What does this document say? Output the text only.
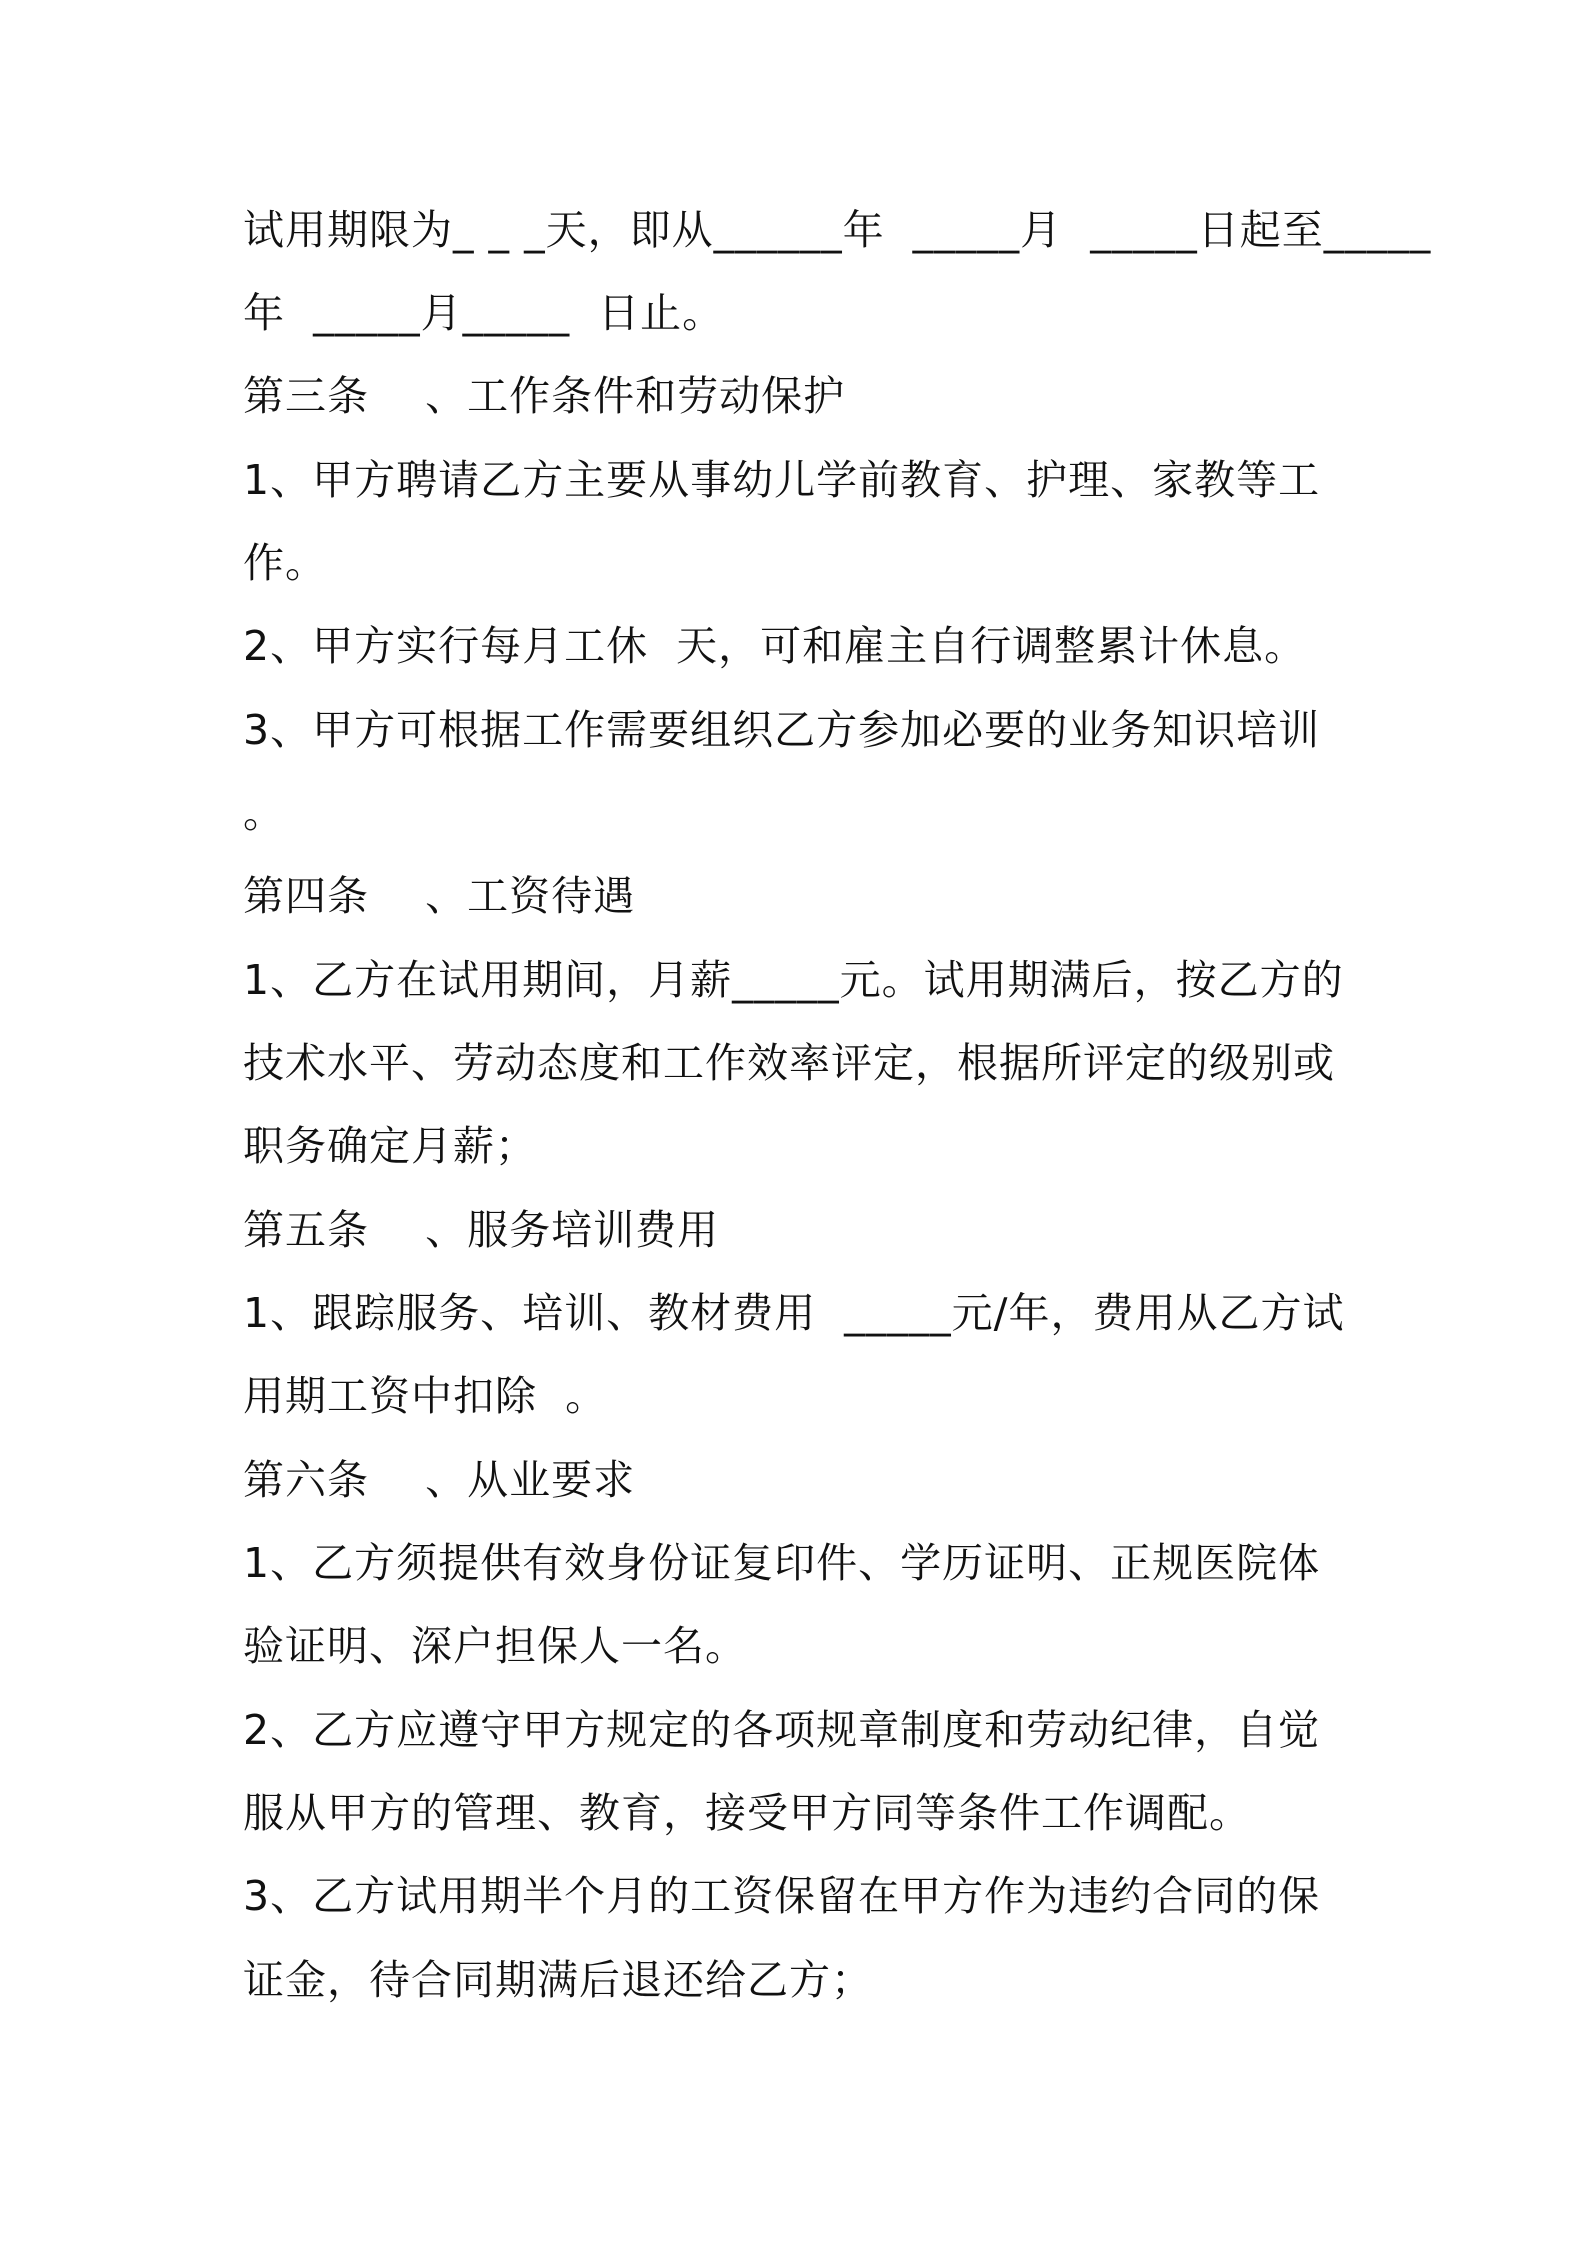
试用期限为_ _ _天，即从______年  _____月  _____日起至_____
年  _____月_____  日止。
第三条    、工作条件和劳动保护
1、甲方聘请乙方主要从事幼儿学前教育、护理、家教等工
作。
2、甲方实行每月工休  天，可和雇主自行调整累计休息。
3、甲方可根据工作需要组织乙方参加必要的业务知识培训
。
第四条    、工资待遇
1、乙方在试用期间，月薪_____元。试用期满后，按乙方的
技术水平、劳动态度和工作效率评定，根据所评定的级别或
职务确定月薪；
第五条    、服务培训费用
1、跟踪服务、培训、教材费用  _____元/年，费用从乙方试
用期工资中扣除  。
第六条    、从业要求
1、乙方须提供有效身份证复印件、学历证明、正规医院体
验证明、深户担保人一名。
2、乙方应遵守甲方规定的各项规章制度和劳动纪律，自觉
服从甲方的管理、教育，接受甲方同等条件工作调配。
3、乙方试用期半个月的工资保留在甲方作为违约合同的保
证金，待合同期满后退还给乙方；
